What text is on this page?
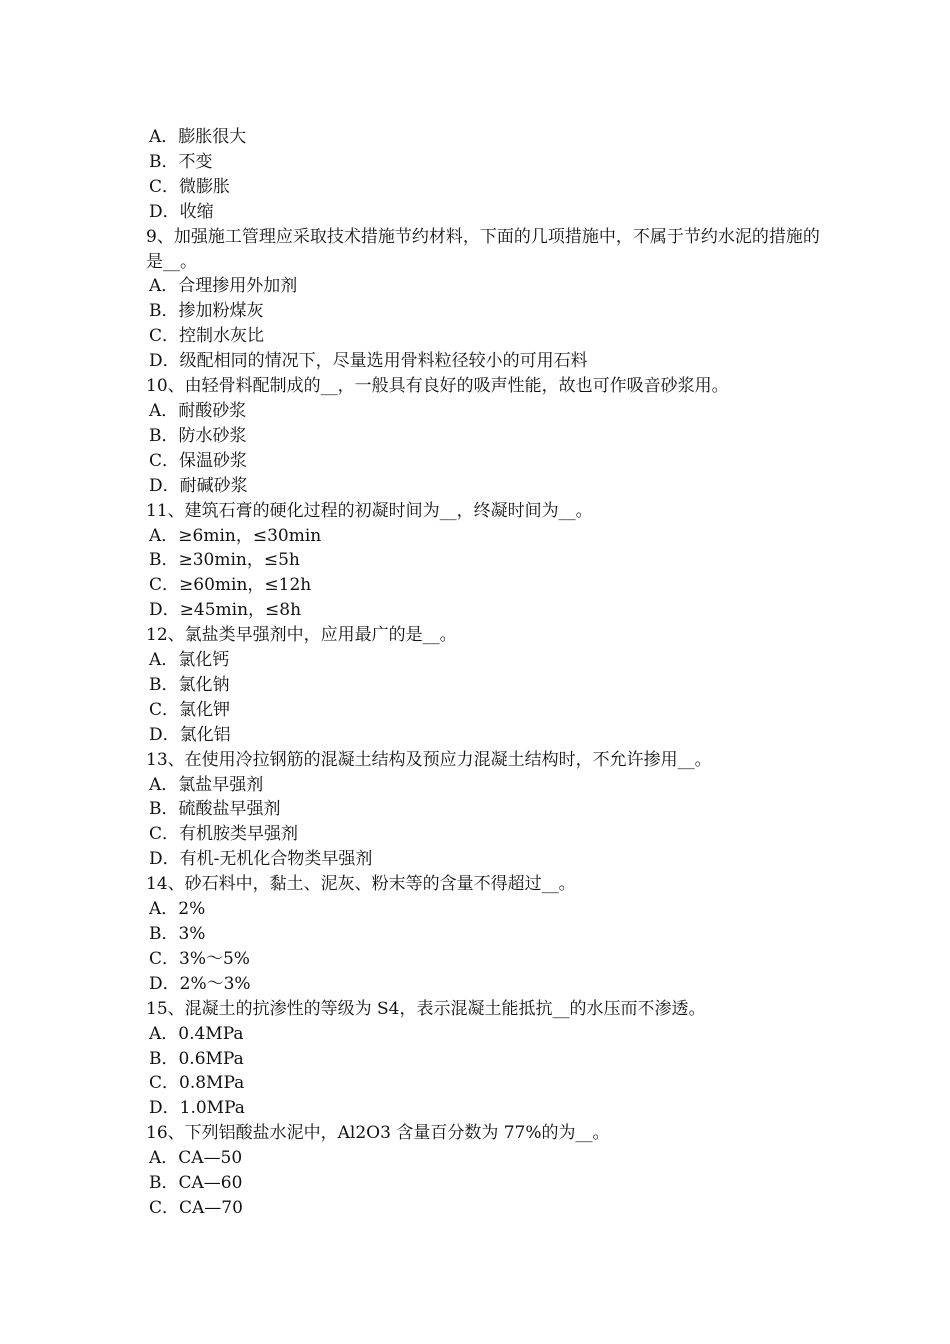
A．膨胀很大
B．不变
C．微膨胀
D．收缩
9、加强施工管理应采取技术措施节约材料，下面的几项措施中，不属于节约水泥的措施的是__。
A．合理掺用外加剂
B．掺加粉煤灰
C．控制水灰比
D．级配相同的情况下，尽量选用骨料粒径较小的可用石料
10、由轻骨料配制成的__，一般具有良好的吸声性能，故也可作吸音砂浆用。
A．耐酸砂浆
B．防水砂浆
C．保温砂浆
D．耐碱砂浆
11、建筑石膏的硬化过程的初凝时间为__，终凝时间为__。
A．≥6min，≤30min
B．≥30min，≤5h
C．≥60min，≤12h
D．≥45min，≤8h
12、氯盐类早强剂中，应用最广的是__。
A．氯化钙
B．氯化钠
C．氯化钾
D．氯化铝
13、在使用冷拉钢筋的混凝土结构及预应力混凝土结构时，不允许掺用__。
A．氯盐早强剂
B．硫酸盐早强剂
C．有机胺类早强剂
D．有机-无机化合物类早强剂
14、砂石料中，黏土、泥灰、粉末等的含量不得超过__。
A．2%
B．3%
C．3%～5%
D．2%～3%
15、混凝土的抗渗性的等级为 S4，表示混凝土能抵抗__的水压而不渗透。
A．0.4MPa
B．0.6MPa
C．0.8MPa
D．1.0MPa
16、下列铝酸盐水泥中，Al2O3 含量百分数为 77%的为__。
A．CA—50
B．CA—60
C．CA—70
